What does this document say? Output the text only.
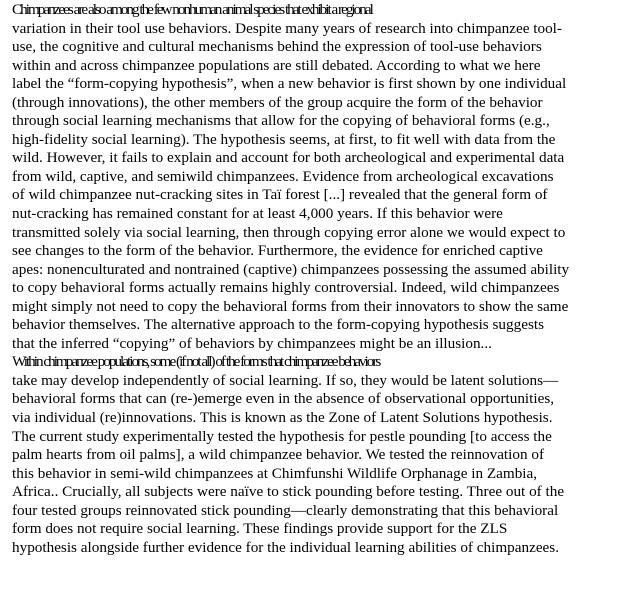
Chimpanzees are also among the few nonhuman animal species that exhibit a regional
variation in their tool use behaviors. Despite many years of research into chimpanzee tool-
use, the cognitive and cultural mechanisms behind the expression of tool-use behaviors
within and across chimpanzee populations are still debated. According to what we here
label the “form-copying hypothesis”, when a new behavior is first shown by one individual
(through innovations), the other members of the group acquire the form of the behavior
through social learning mechanisms that allow for the copying of behavioral forms (e.g.,
high-fidelity social learning). The hypothesis seems, at first, to fit well with data from the
wild. However, it fails to explain and account for both archeological and experimental data
from wild, captive, and semiwild chimpanzees. Evidence from archeological excavations
of wild chimpanzee nut-cracking sites in Taï forest [...] revealed that the general form of
nut-cracking has remained constant for at least 4,000 years. If this behavior were
transmitted solely via social learning, then through copying error alone we would expect to
see changes to the form of the behavior. Furthermore, the evidence for enriched captive
apes: nonenculturated and nontrained (captive) chimpanzees possessing the assumed ability
to copy behavioral forms actually remains highly controversial. Indeed, wild chimpanzees
might simply not need to copy the behavioral forms from their innovators to show the same
behavior themselves. The alternative approach to the form-copying hypothesis suggests
that the inferred “copying” of behaviors by chimpanzees might be an illusion...

Within chimpanzee populations, some (if not all) of the forms that chimpanzee behaviors
take may develop independently of social learning. If so, they would be latent solutions—
behavioral forms that can (re-)emerge even in the absence of observational opportunities,
via individual (re)innovations. This is known as the Zone of Latent Solutions hypothesis.
The current study experimentally tested the hypothesis for pestle pounding [to access the
palm hearts from oil palms], a wild chimpanzee behavior. We tested the reinnovation of
this behavior in semi-wild chimpanzees at Chimfunshi Wildlife Orphanage in Zambia,
Africa.. Crucially, all subjects were naïve to stick pounding before testing. Three out of the
four tested groups reinnovated stick pounding—clearly demonstrating that this behavioral
form does not require social learning. These findings provide support for the ZLS
hypothesis alongside further evidence for the individual learning abilities of chimpanzees.
